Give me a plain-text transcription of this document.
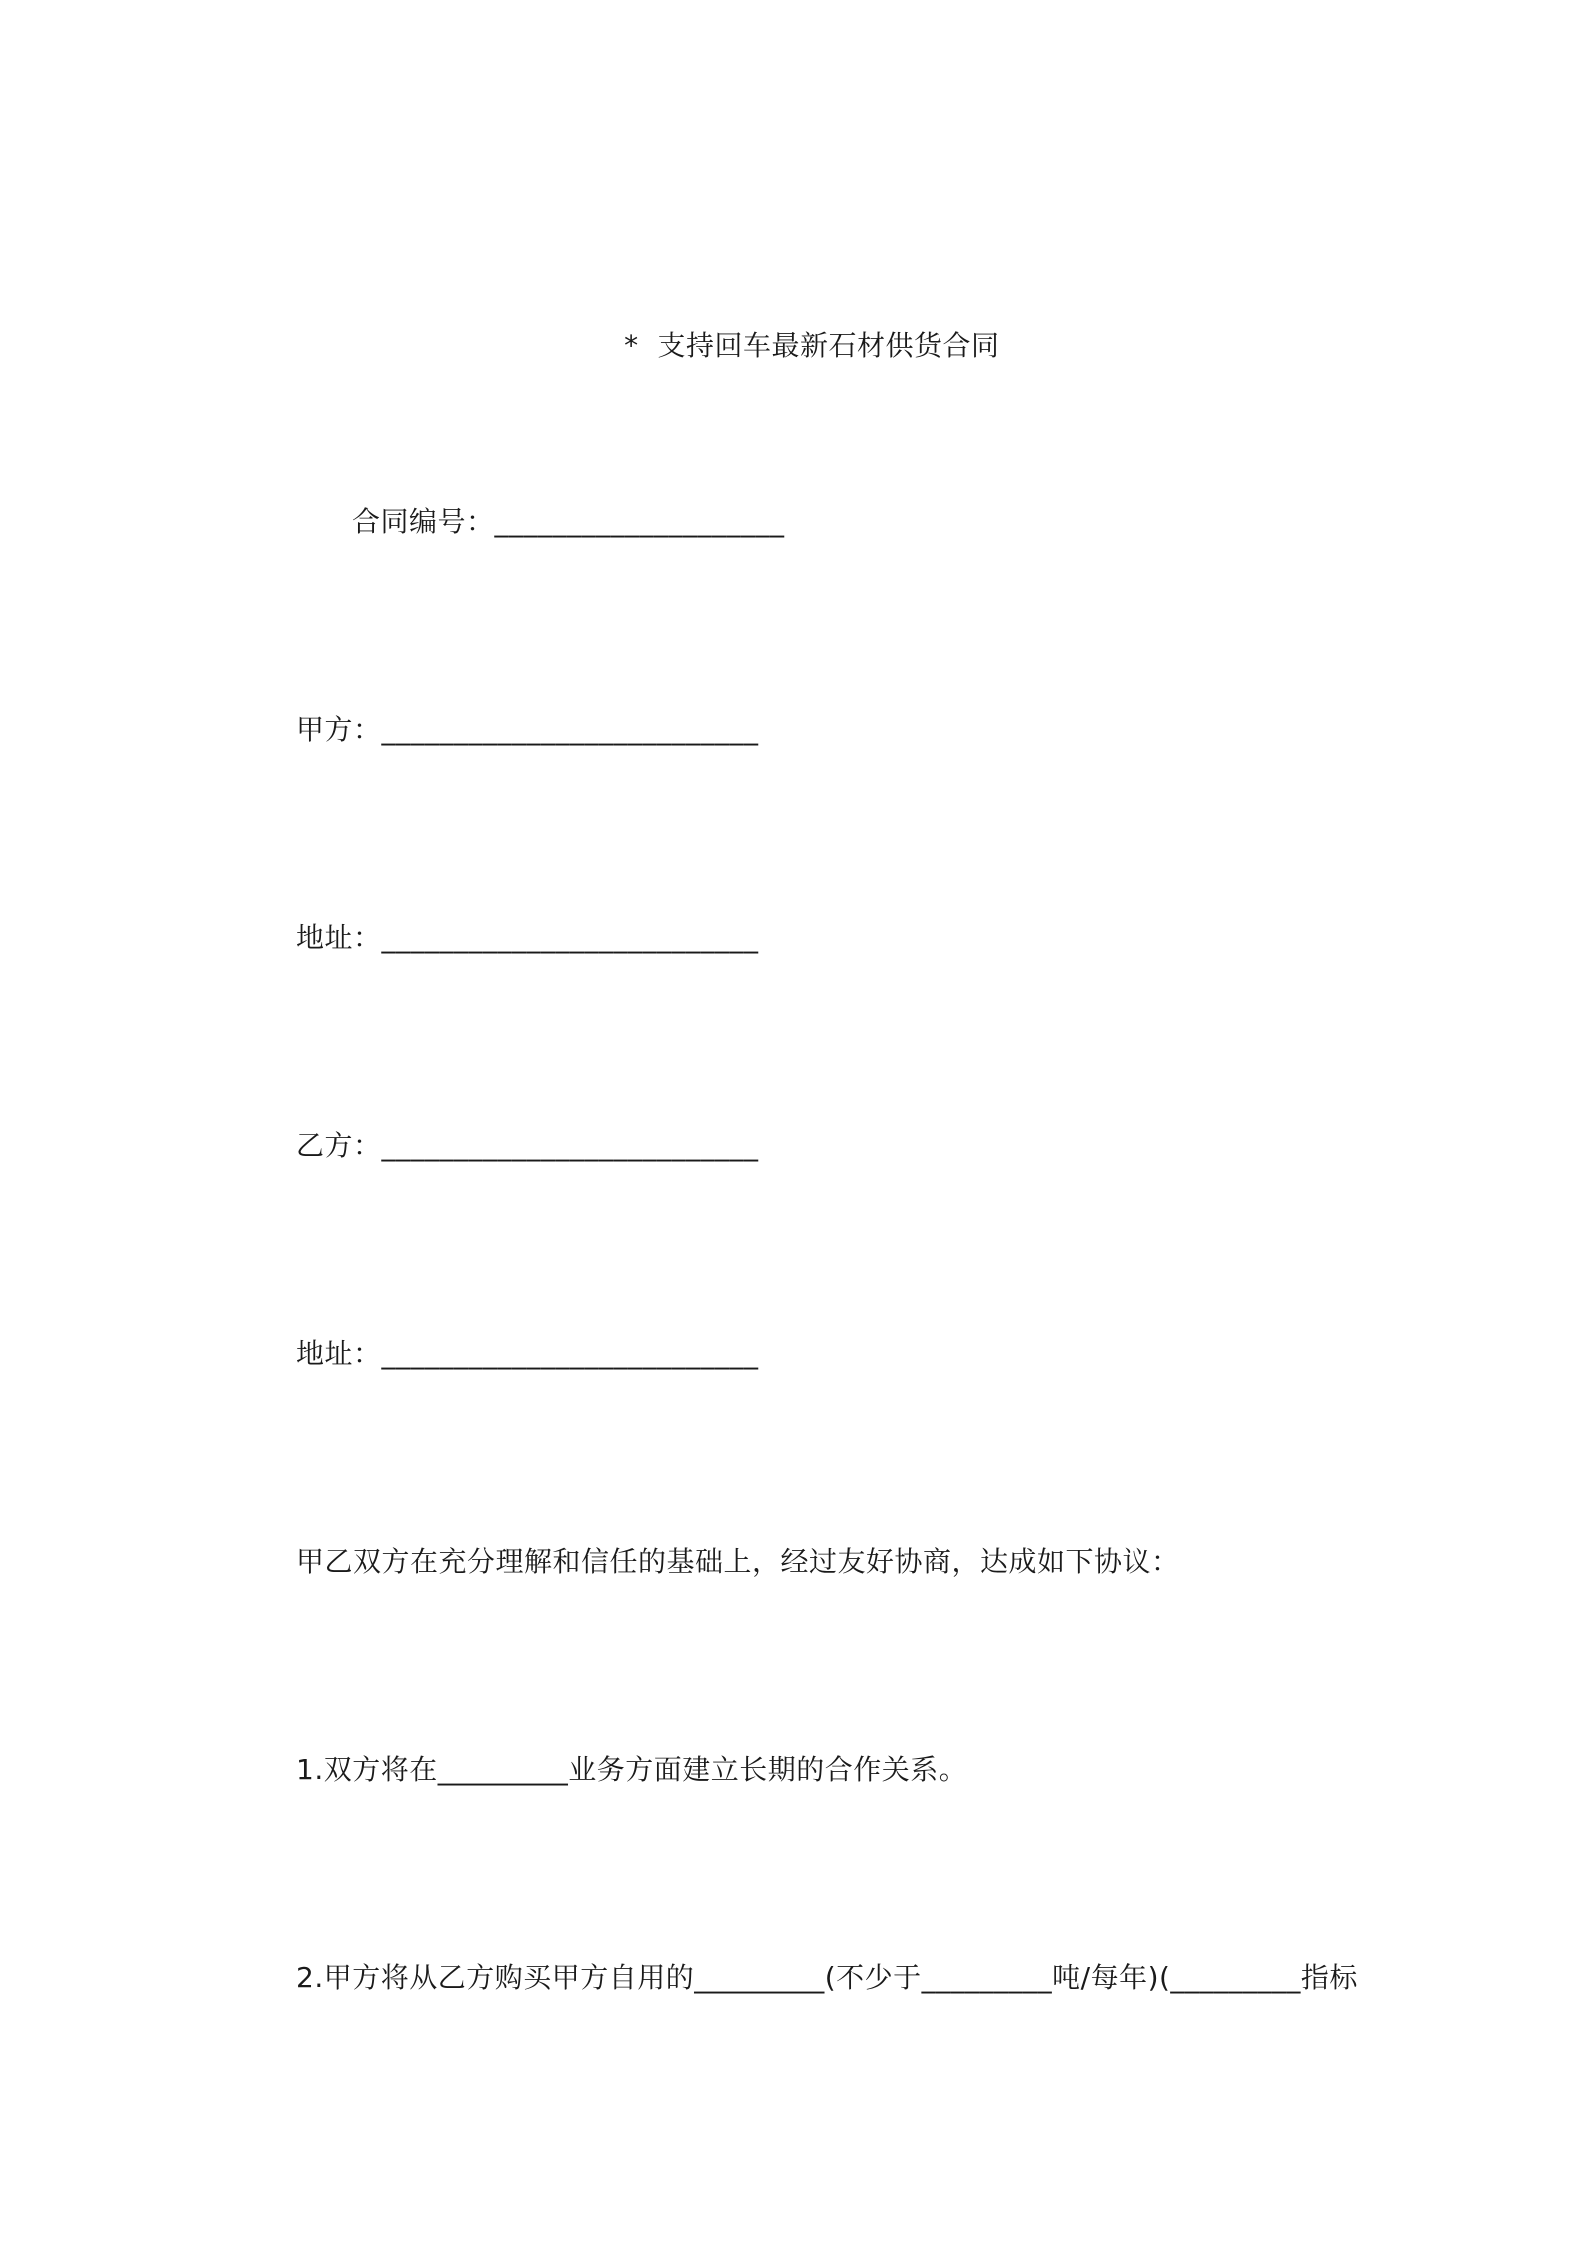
*  支持回车最新石材供货合同

合同编号：____________________
甲方：__________________________
地址：__________________________
乙方：__________________________
地址：__________________________
甲乙双方在充分理解和信任的基础上，经过友好协商，达成如下协议：
1.双方将在_________业务方面建立长期的合作关系。
2.甲方将从乙方购买甲方自用的_________(不少于_________吨/每年)(_________指标
